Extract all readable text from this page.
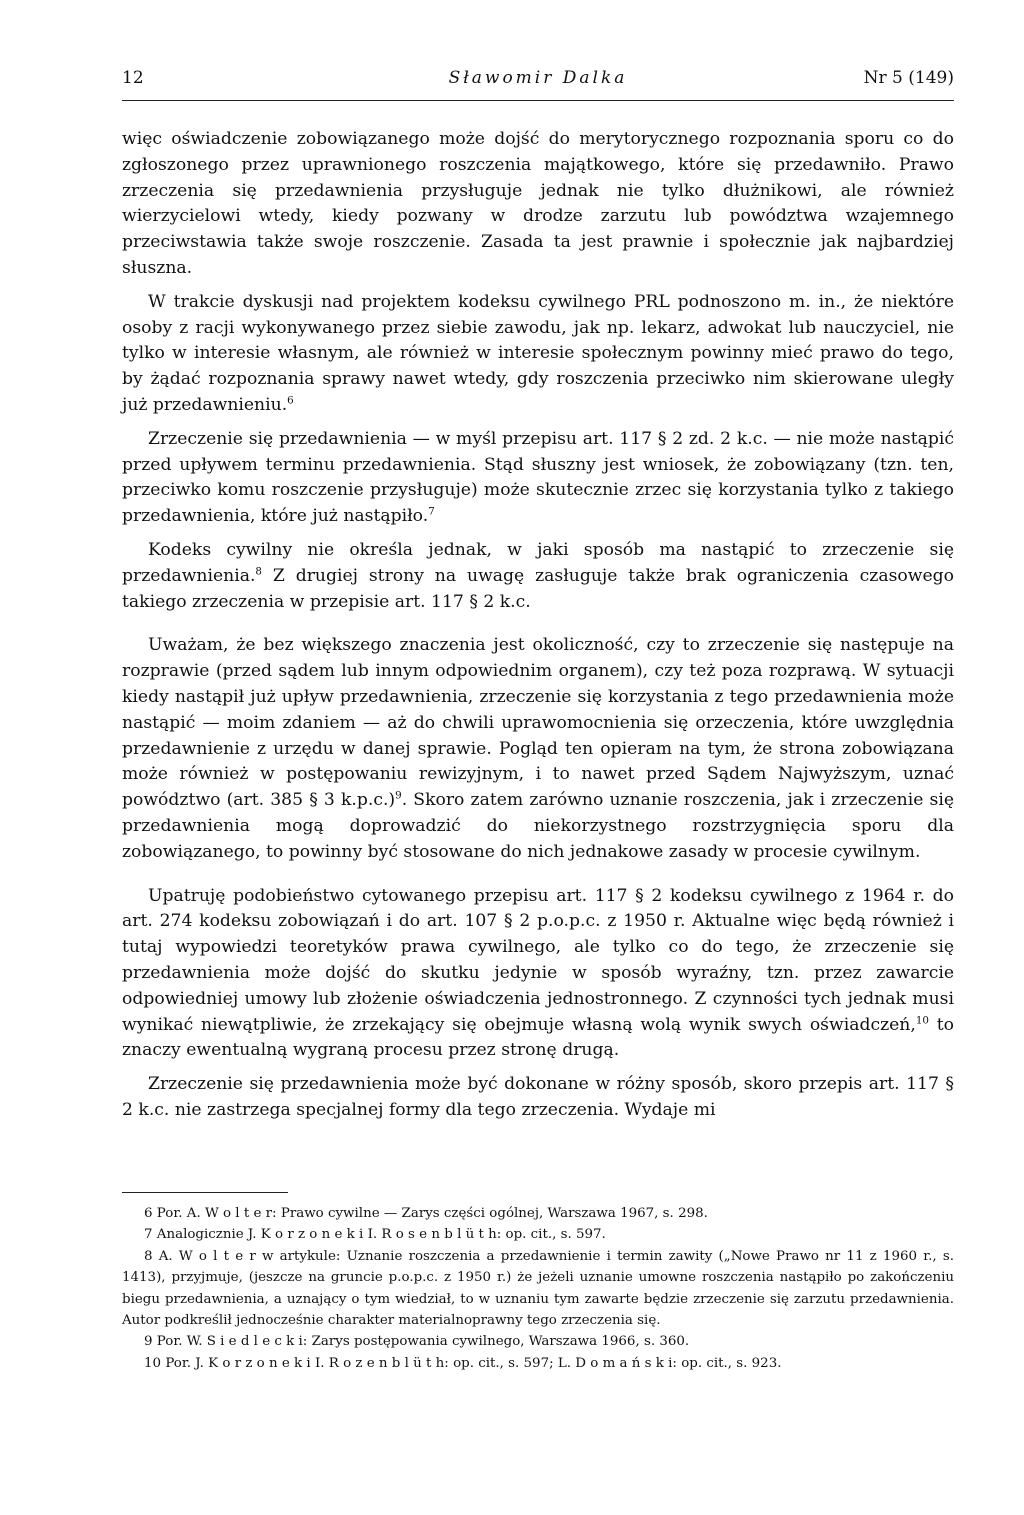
12	Sławomir Dalka	Nr 5 (149)

więc oświadczenie zobowiązanego może dojść do merytorycznego rozpoznania sporu co do zgłoszonego przez uprawnionego roszczenia majątkowego, które się przedawniło. Prawo zrzeczenia się przedawnienia przysługuje jednak nie tylko dłużnikowi, ale również wierzycielowi wtedy, kiedy pozwany w drodze zarzutu lub powództwa wzajemnego przeciwstawia także swoje roszczenie. Zasada ta jest prawnie i społecznie jak najbardziej słuszna.

W trakcie dyskusji nad projektem kodeksu cywilnego PRL podnoszono m. in., że niektóre osoby z racji wykonywanego przez siebie zawodu, jak np. lekarz, adwokat lub nauczyciel, nie tylko w interesie własnym, ale również w interesie społecznym powinny mieć prawo do tego, by żądać rozpoznania sprawy nawet wtedy, gdy roszczenia przeciwko nim skierowane uległy już przedawnieniu.$^6$

Zrzeczenie się przedawnienia — w myśl przepisu art. 117 § 2 zd. 2 k.c. — nie może nastąpić przed upływem terminu przedawnienia. Stąd słuszny jest wniosek, że zobowiązany (tzn. ten, przeciwko komu roszczenie przysługuje) może skutecznie zrzec się korzystania tylko z takiego przedawnienia, które już nastąpiło.$^7$

Kodeks cywilny nie określa jednak, w jaki sposób ma nastąpić to zrzeczenie się przedawnienia.$^8$ Z drugiej strony na uwagę zasługuje także brak ograniczenia czasowego takiego zrzeczenia w przepisie art. 117 § 2 k.c.

Uważam, że bez większego znaczenia jest okoliczność, czy to zrzeczenie się następuje na rozprawie (przed sądem lub innym odpowiednim organem), czy też poza rozprawą. W sytuacji kiedy nastąpił już upływ przedawnienia, zrzeczenie się korzystania z tego przedawnienia może nastąpić — moim zdaniem — aż do chwili uprawomocnienia się orzeczenia, które uwzględnia przedawnienie z urzędu w danej sprawie. Pogląd ten opieram na tym, że strona zobowiązana może również w postępowaniu rewizyjnym, i to nawet przed Sądem Najwyższym, uznać powództwo (art. 385 § 3 k.p.c.)$^9$. Skoro zatem zarówno uznanie roszczenia, jak i zrzeczenie się przedawnienia mogą doprowadzić do niekorzystnego rozstrzygnięcia sporu dla zobowiązanego, to powinny być stosowane do nich jednakowe zasady w procesie cywilnym.

Upatruję podobieństwo cytowanego przepisu art. 117 § 2 kodeksu cywilnego z 1964 r. do art. 274 kodeksu zobowiązań i do art. 107 § 2 p.o.p.c. z 1950 r. Aktualne więc będą również i tutaj wypowiedzi teoretyków prawa cywilnego, ale tylko co do tego, że zrzeczenie się przedawnienia może dojść do skutku jedynie w sposób wyraźny, tzn. przez zawarcie odpowiedniej umowy lub złożenie oświadczenia jednostronnego. Z czynności tych jednak musi wynikać niewątpliwie, że zrzekający się obejmuje własną wolą wynik swych oświadczeń,$^{10}$ to znaczy ewentualną wygraną procesu przez stronę drugą.

Zrzeczenie się przedawnienia może być dokonane w różny sposób, skoro przepis art. 117 § 2 k.c. nie zastrzega specjalnej formy dla tego zrzeczenia. Wydaje mi

6 Por. A. W o l t e r: Prawo cywilne — Zarys części ogólnej, Warszawa 1967, s. 298.

7 Analogicznie J. K o r z o n e k i I. R o s e n b l ü t h: op. cit., s. 597.

8 A. W o l t e r w artykule: Uznanie roszczenia a przedawnienie i termin zawity („Nowe Prawo nr 11 z 1960 r., s. 1413), przyjmuje, (jeszcze na gruncie p.o.p.c. z 1950 r.) że jeżeli uznanie umowne roszczenia nastąpiło po zakończeniu biegu przedawnienia, a uznający o tym wiedział, to w uznaniu tym zawarte będzie zrzeczenie się zarzutu przedawnienia. Autor podkreślił jednocześnie charakter materialnoprawny tego zrzeczenia się.

9 Por. W. S i e d l e c k i: Zarys postępowania cywilnego, Warszawa 1966, s. 360.

10 Por. J. K o r z o n e k i I. R o z e n b l ü t h: op. cit., s. 597; L. D o m a ń s k i: op. cit., s. 923.
